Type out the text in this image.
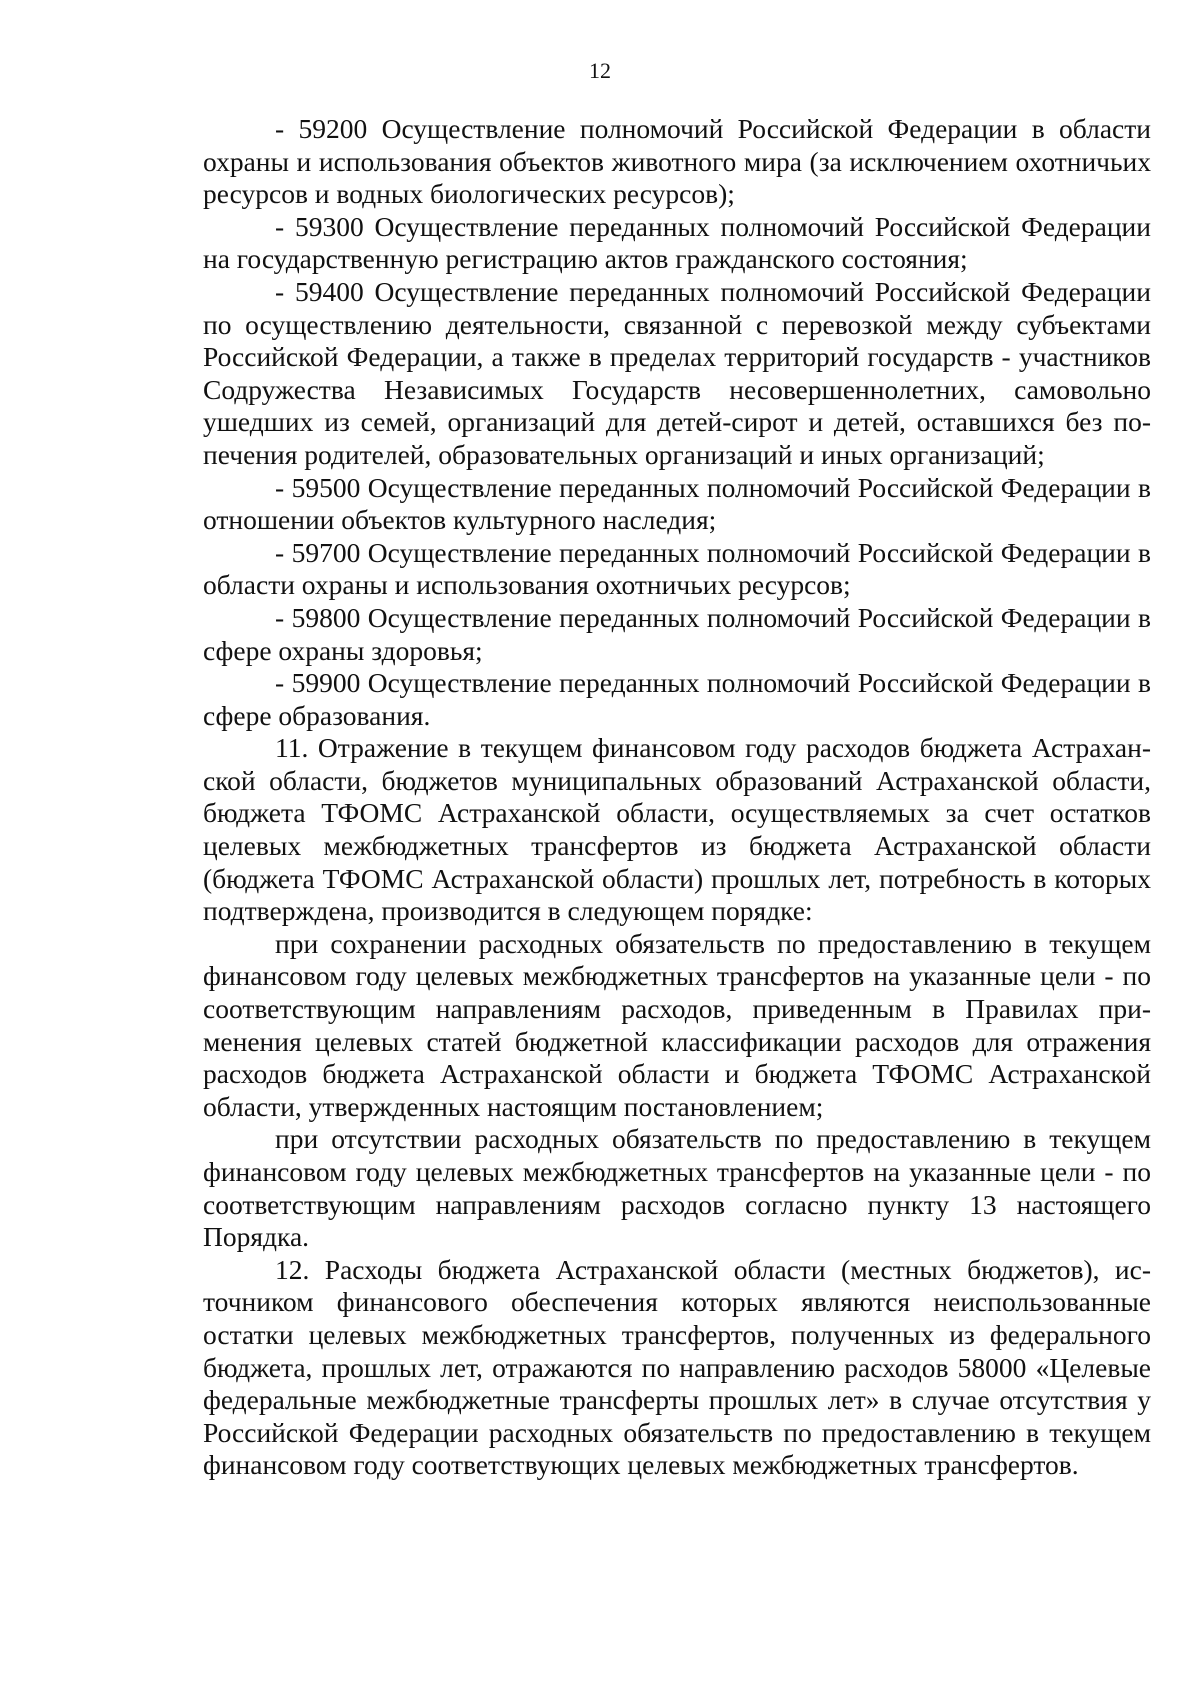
12

- 59200 Осуществление полномочий Российской Федерации в области охраны и использования объектов животного мира (за исключением охотничьих ресурсов и водных биологических ресурсов);

- 59300 Осуществление переданных полномочий Российской Федерации на государственную регистрацию актов гражданского состояния;

- 59400 Осуществление переданных полномочий Российской Федерации по осуществлению деятельности, связанной с перевозкой между субъектами Российской Федерации, а также в пределах территорий государств - участников Содружества Независимых Государств несовершеннолетних, самовольно ушедших из семей, организаций для детей-сирот и детей, оставшихся без попечения родителей, образовательных организаций и иных организаций;

- 59500 Осуществление переданных полномочий Российской Федерации в отношении объектов культурного наследия;

- 59700 Осуществление переданных полномочий Российской Федерации в области охраны и использования охотничьих ресурсов;

- 59800 Осуществление переданных полномочий Российской Федерации в сфере охраны здоровья;

- 59900 Осуществление переданных полномочий Российской Федерации в сфере образования.

11. Отражение в текущем финансовом году расходов бюджета Астраханской области, бюджетов муниципальных образований Астраханской области, бюджета ТФОМС Астраханской области, осуществляемых за счет остатков целевых межбюджетных трансфертов из бюджета Астраханской области (бюджета ТФОМС Астраханской области) прошлых лет, потребность в которых подтверждена, производится в следующем порядке:

при сохранении расходных обязательств по предоставлению в текущем финансовом году целевых межбюджетных трансфертов на указанные цели - по соответствующим направлениям расходов, приведенным в Правилах применения целевых статей бюджетной классификации расходов для отражения расходов бюджета Астраханской области и бюджета ТФОМС Астраханской области, утвержденных настоящим постановлением;

при отсутствии расходных обязательств по предоставлению в текущем финансовом году целевых межбюджетных трансфертов на указанные цели - по соответствующим направлениям расходов согласно пункту 13 настоящего Порядка.

12. Расходы бюджета Астраханской области (местных бюджетов), источником финансового обеспечения которых являются неиспользованные остатки целевых межбюджетных трансфертов, полученных из федерального бюджета, прошлых лет, отражаются по направлению расходов 58000 «Целевые федеральные межбюджетные трансферты прошлых лет» в случае отсутствия у Российской Федерации расходных обязательств по предоставлению в текущем финансовом году соответствующих целевых межбюджетных трансфертов.
